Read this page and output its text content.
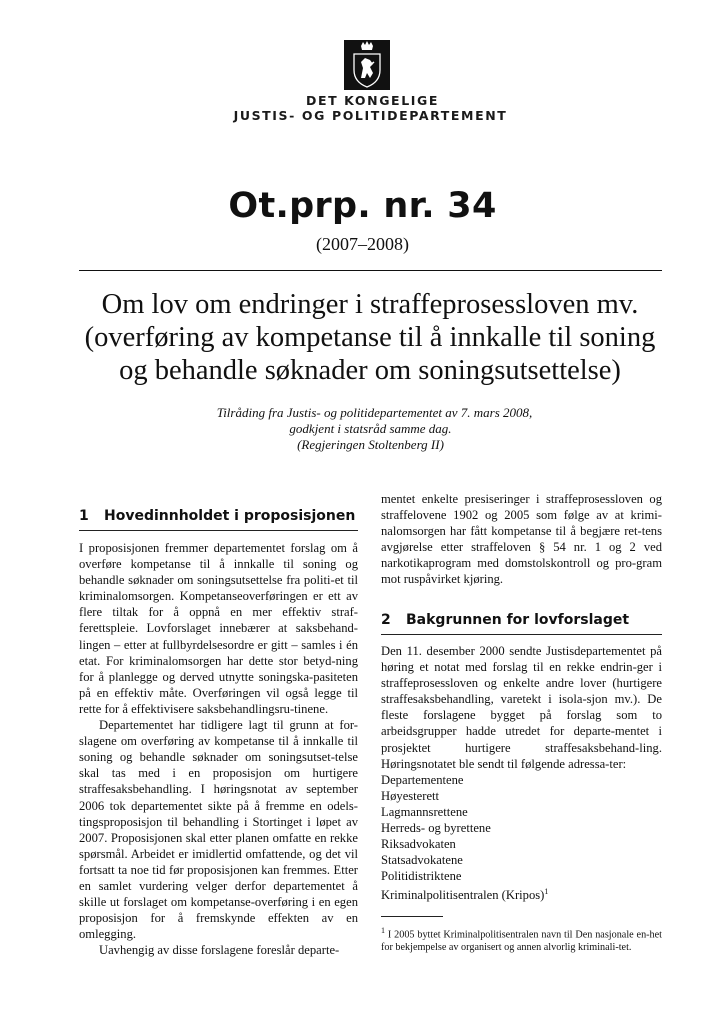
DET KONGELIGE
JUSTIS- OG POLITIDEPARTEMENT
Ot.prp. nr. 34
(2007–2008)
Om lov om endringer i straffeprosessloven mv.
(overføring av kompetanse til å innkalle til soning
og behandle søknader om soningsutsettelse)
Tilråding fra Justis- og politidepartementet av 7. mars 2008,
godkjent i statsråd samme dag.
(Regjeringen Stoltenberg II)
1 Hovedinnholdet i proposisjonen
I proposisjonen fremmer departementet forslag om å overføre kompetanse til å innkalle til soning og behandle søknader om soningsutsettelse fra politi-et til kriminalomsorgen. Kompetanseoverføringen er ett av flere tiltak for å oppnå en mer effektiv straf-ferettspleie. Lovforslaget innebærer at saksbehand-lingen – etter at fullbyrdelsesordre er gitt – samles i én etat. For kriminalomsorgen har dette stor betyd-ning for å planlegge og derved utnytte soningska-pasiteten på en effektiv måte. Overføringen vil også legge til rette for å effektivisere saksbehandlingsru-tinene.
Departementet har tidligere lagt til grunn at for-slagene om overføring av kompetanse til å innkalle til soning og behandle søknader om soningsutset-telse skal tas med i en proposisjon om hurtigere straffesaksbehandling. I høringsnotat av september 2006 tok departementet sikte på å fremme en odels-tingsproposisjon til behandling i Stortinget i løpet av 2007. Proposisjonen skal etter planen omfatte en rekke spørsmål. Arbeidet er imidlertid omfattende, og det vil fortsatt ta noe tid før proposisjonen kan fremmes. Etter en samlet vurdering velger derfor departementet å skille ut forslaget om kompetanse-overføring i en egen proposisjon for å fremskynde effekten av en omlegging.
Uavhengig av disse forslagene foreslår departe-
mentet enkelte presiseringer i straffeprosessloven og straffelovene 1902 og 2005 som følge av at krimi-nalomsorgen har fått kompetanse til å begjære ret-tens avgjørelse etter straffeloven § 54 nr. 1 og 2 ved narkotikaprogram med domstolskontroll og pro-gram mot ruspåvirket kjøring.
2 Bakgrunnen for lovforslaget
Den 11. desember 2000 sendte Justisdepartementet på høring et notat med forslag til en rekke endrin-ger i straffeprosessloven og enkelte andre lover (hurtigere straffesaksbehandling, varetekt i isola-sjon mv.). De fleste forslagene bygget på forslag som to arbeidsgrupper hadde utredet for departe-mentet i prosjektet hurtigere straffesaksbehand-ling. Høringsnotatet ble sendt til følgende adressa-ter:
Departementene
Høyesterett
Lagmannsrettene
Herreds- og byrettene
Riksadvokaten
Statsadvokatene
Politidistriktene
Kriminalpolitisentralen (Kripos)$^1$
$^1$ I 2005 byttet Kriminalpolitisentralen navn til Den nasjonale en-het for bekjempelse av organisert og annen alvorlig kriminali-tet.
